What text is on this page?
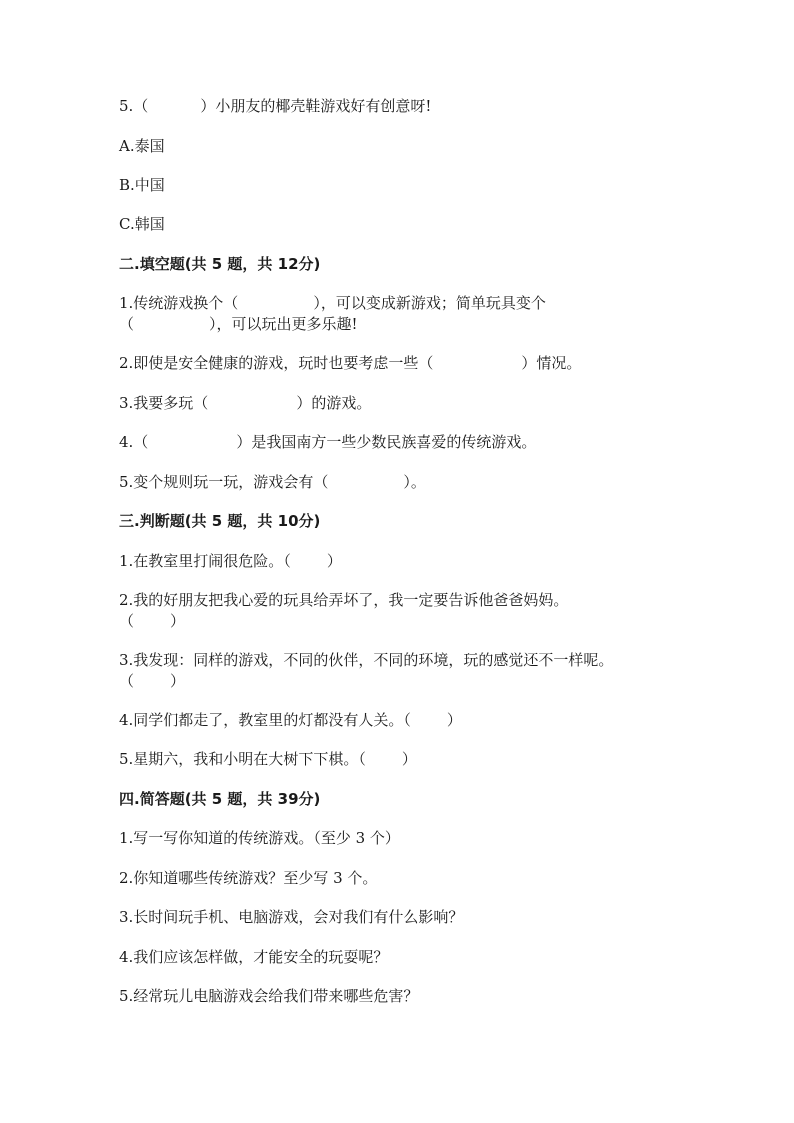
5.（	）小朋友的椰壳鞋游戏好有创意呀!
A.泰国
B.中国
C.韩国
二.填空题(共 5 题，共 12分)
1.传统游戏换个（	），可以变成新游戏；简单玩具变个
（	），可以玩出更多乐趣!
2.即使是安全健康的游戏，玩时也要考虑一些（	）情况。
3.我要多玩（	）的游戏。
4.（	）是我国南方一些少数民族喜爱的传统游戏。
5.变个规则玩一玩，游戏会有（	）。
三.判断题(共 5 题，共 10分)
1.在教室里打闹很危险。（ ）
2.我的好朋友把我心爱的玩具给弄坏了，我一定要告诉他爸爸妈妈。
（ ）
3.我发现：同样的游戏，不同的伙伴，不同的环境，玩的感觉还不一样呢。
（ ）
4.同学们都走了，教室里的灯都没有人关。（ ）
5.星期六，我和小明在大树下下棋。（ ）
四.简答题(共 5 题，共 39分)
1.写一写你知道的传统游戏。（至少 3 个）
2.你知道哪些传统游戏？至少写 3 个。
3.长时间玩手机、电脑游戏，会对我们有什么影响？
4.我们应该怎样做，才能安全的玩耍呢？
5.经常玩儿电脑游戏会给我们带来哪些危害？
